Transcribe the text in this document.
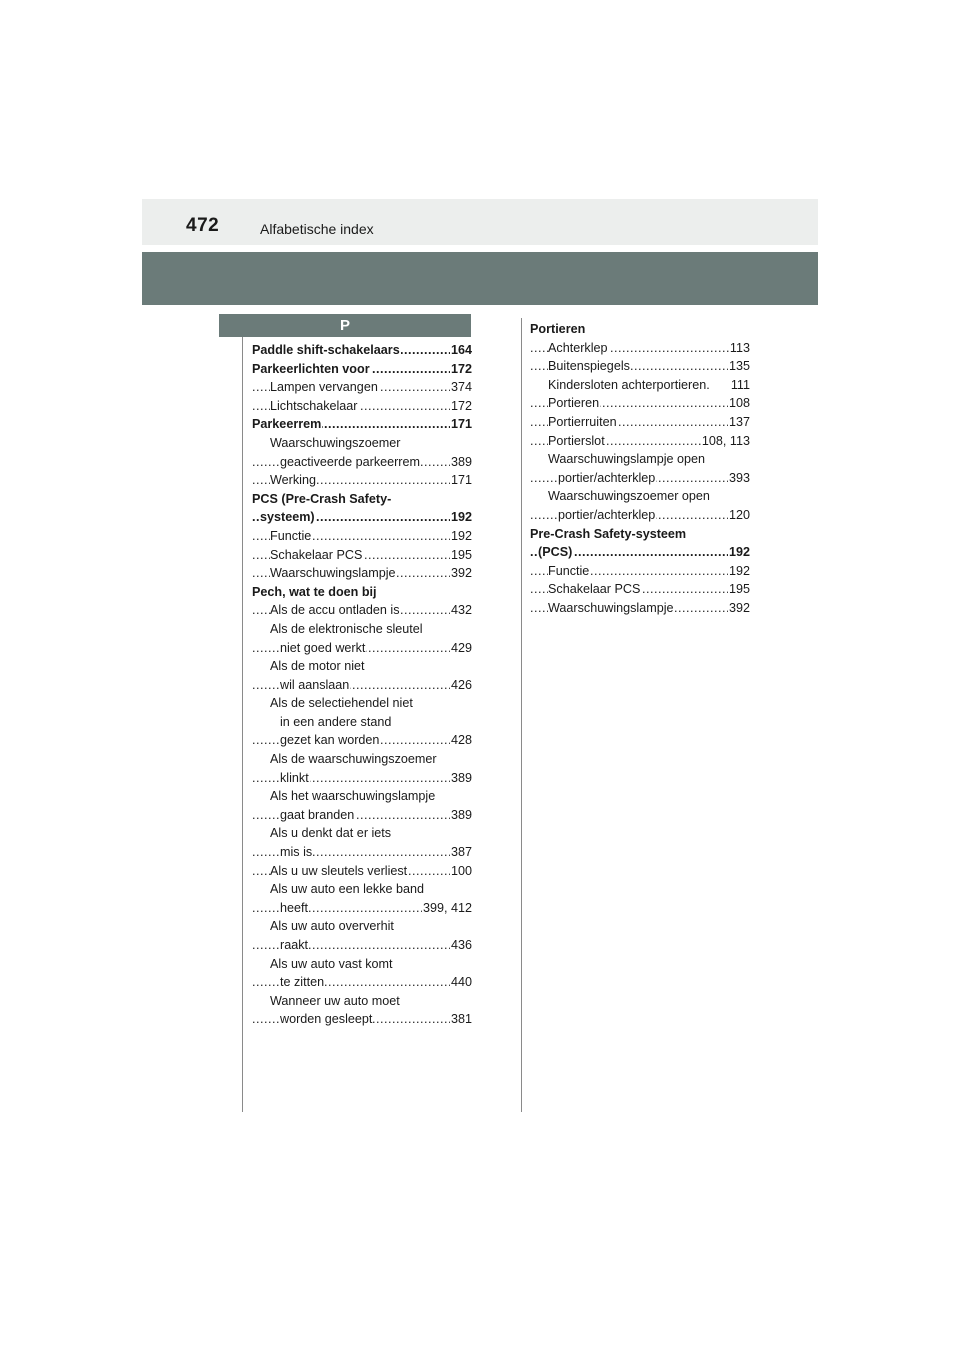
472	Alfabetische index
P
..... Paddle shift-schakelaars	164
..... Parkeerlichten voor	172
..... Lampen vervangen	374
..... Lichtschakelaar	172
..... Parkeerrem	171
Waarschuwingszoemer
..... geactiveerde parkeerrem 389
..... Werking	171
PCS (Pre-Crash Safety-
..... systeem)	192
..... Functie	192
..... Schakelaar PCS	195
..... Waarschuwingslampje	392
Pech, wat te doen bij
..... Als de accu ontladen is	432
Als de elektronische sleutel
..... niet goed werkt	429
Als de motor niet
..... wil aanslaan	426
Als de selectiehendel niet
in een andere stand
..... gezet kan worden	428
Als de waarschuwingszoemer
..... klinkt	389
Als het waarschuwingslampje
..... gaat branden	389
Als u denkt dat er iets
..... mis is	387
..... Als u uw sleutels verliest	100
Als uw auto een lekke band
..... heeft	399, 412
Als uw auto oververhit
..... raakt	436
Als uw auto vast komt
..... te zitten	440
Wanneer uw auto moet
..... worden gesleept	381
Portieren
..... Achterklep	113
..... Buitenspiegels	135
Kindersloten achterportieren. 111
..... Portieren	108
..... Portierruiten	137
..... Portierslot	108, 113
Waarschuwingslampje open
..... portier/achterklep	393
Waarschuwingszoemer open
..... portier/achterklep	120
Pre-Crash Safety-systeem
..... (PCS)	192
..... Functie	192
..... Schakelaar PCS	195
..... Waarschuwingslampje	392
